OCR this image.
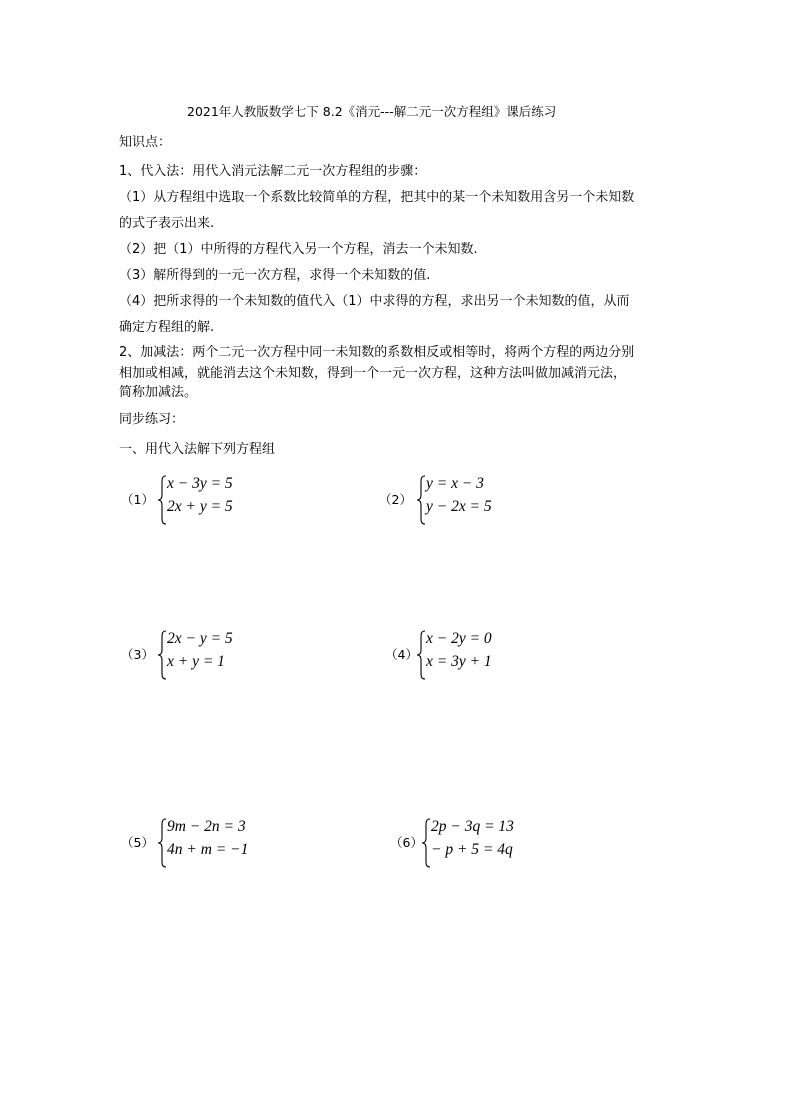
2021年人教版数学七下 8.2《消元---解二元一次方程组》课后练习
知识点：
1、代入法：用代入消元法解二元一次方程组的步骤：
（1）从方程组中选取一个系数比较简单的方程，把其中的某一个未知数用含另一个未知数
的式子表示出来.
（2）把（1）中所得的方程代入另一个方程，消去一个未知数.
（3）解所得到的一元一次方程，求得一个未知数的值.
（4）把所求得的一个未知数的值代入（1）中求得的方程，求出另一个未知数的值，从而
确定方程组的解.
2、加减法：两个二元一次方程中同一未知数的系数相反或相等时，将两个方程的两边分别
相加或相减，就能消去这个未知数，得到一个一元一次方程，这种方法叫做加减消元法，
简称加减法。
同步练习：
一、用代入法解下列方程组
（1）
x − 3y = 5
2x + y = 5	（2）
y = x − 3
y − 2x = 5
（3）
2x − y = 5
x + y = 1	（4）
x − 2y = 0
x = 3y + 1
（5）
9m − 2n = 3
4n + m = −1	（6）
2p − 3q = 13
− p + 5 = 4q
